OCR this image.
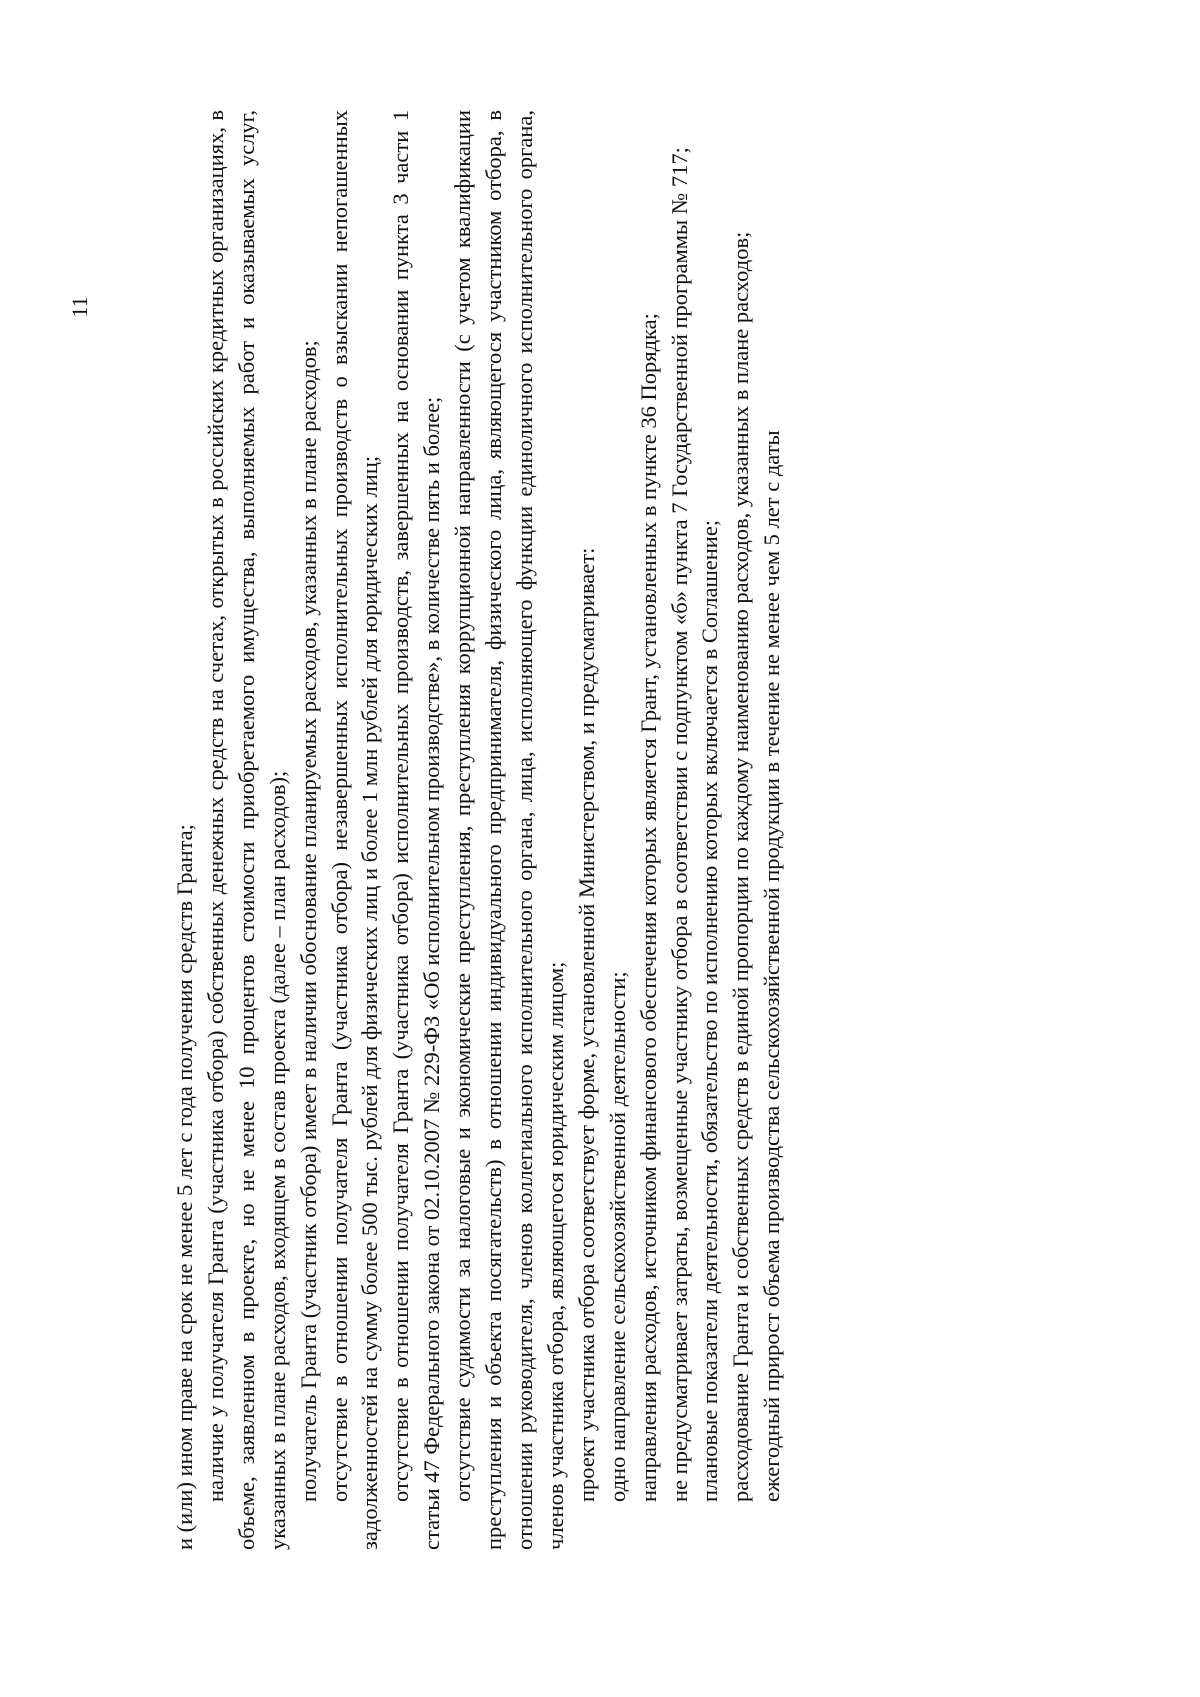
11

и (или) ином праве на срок не менее 5 лет с года получения средств Гранта; наличие у получателя Гранта (участника отбора) собственных денежных средств на счетах, открытых в российских кредитных организациях, в объеме, заявленном в проекте, но не менее 10 процентов стоимости приобретаемого имущества, выполняемых работ и оказываемых услуг, указанных в плане расходов, входящем в состав проекта (далее – план расходов); получатель Гранта (участник отбора) имеет в наличии обоснование планируемых расходов, указанных в плане расходов; отсутствие в отношении получателя Гранта (участника отбора) незавершенных исполнительных производств о взыскании непогашенных задолженностей на сумму более 500 тыс. рублей для физических лиц и более 1 млн рублей для юридических лиц; отсутствие в отношении получателя Гранта (участника отбора) исполнительных производств, завершенных на основании пункта 3 части 1 статьи 47 Федерального закона от 02.10.2007 № 229-ФЗ «Об исполнительном производстве», в количестве пять и более; отсутствие судимости за налоговые и экономические преступления, преступления коррупционной направленности (с учетом квалификации преступления и объекта посягательств) в отношении индивидуального предпринимателя, физического лица, являющегося участником отбора, в отношении руководителя, членов коллегиального исполнительного органа, лица, исполняющего функции единоличного исполнительного органа, членов участника отбора, являющегося юридическим лицом; проект участника отбора соответствует форме, установленной Министерством, и предусматривает: одно направление сельскохозяйственной деятельности; направления расходов, источником финансового обеспечения которых является Грант, установленных в пункте 36 Порядка; не предусматривает затраты, возмещенные участнику отбора в соответствии с подпунктом «б» пункта 7 Государственной программы № 717; плановые показатели деятельности, обязательство по исполнению которых включается в Соглашение; расходование Гранта и собственных средств в единой пропорции по каждому наименованию расходов, указанных в плане расходов; ежегодный прирост объема производства сельскохозяйственной продукции в течение не менее чем 5 лет с даты
